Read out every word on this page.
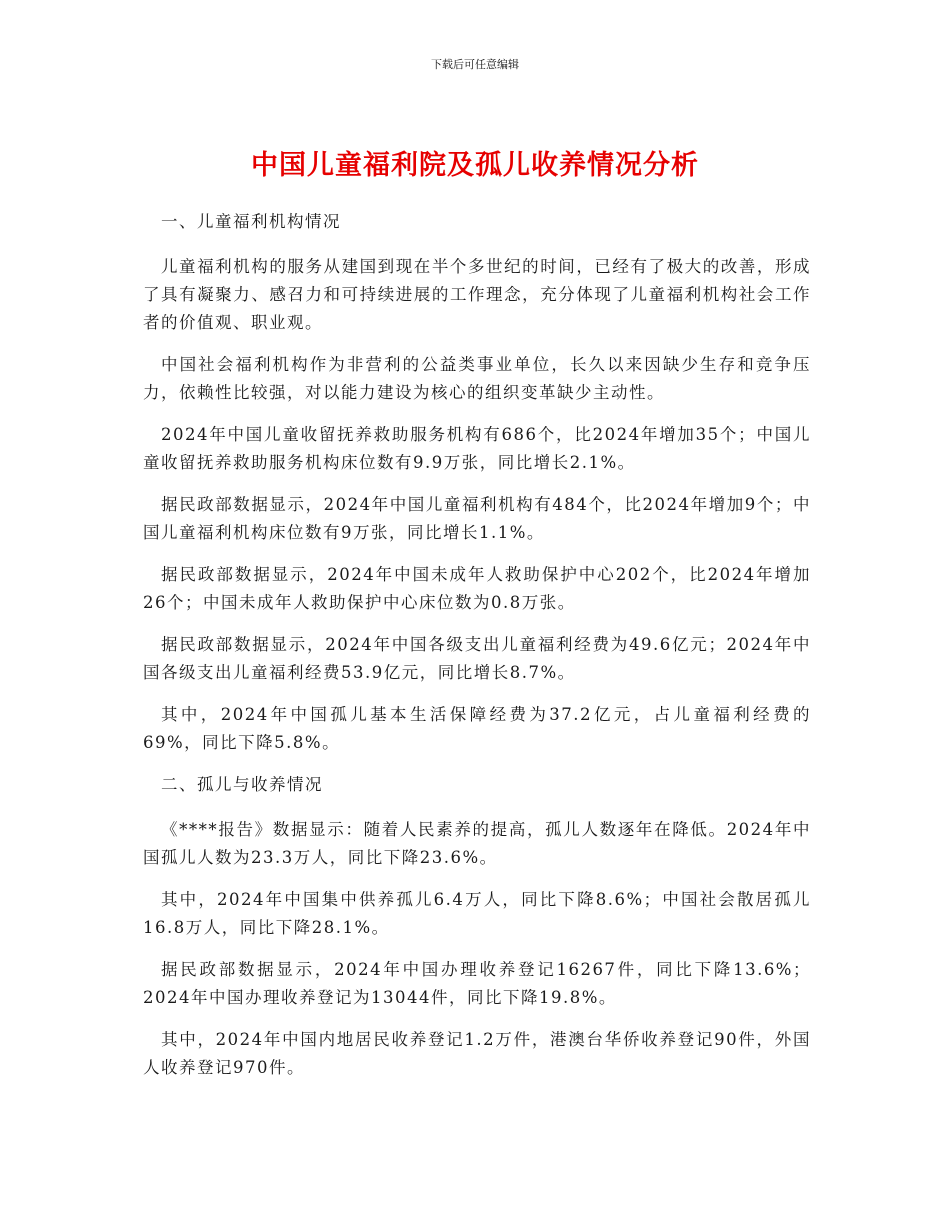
下载后可任意编辑
中国儿童福利院及孤儿收养情况分析
一、儿童福利机构情况

儿童福利机构的服务从建国到现在半个多世纪的时间，已经有了极大的改善，形成了具有凝聚力、感召力和可持续进展的工作理念，充分体现了儿童福利机构社会工作者的价值观、职业观。

中国社会福利机构作为非营利的公益类事业单位，长久以来因缺少生存和竞争压力，依赖性比较强，对以能力建设为核心的组织变革缺少主动性。

2024年中国儿童收留抚养救助服务机构有686个，比2024年增加35个；中国儿童收留抚养救助服务机构床位数有9.9万张，同比增长2.1%。

据民政部数据显示，2024年中国儿童福利机构有484个，比2024年增加9个；中国儿童福利机构床位数有9万张，同比增长1.1%。

据民政部数据显示，2024年中国未成年人救助保护中心202个，比2024年增加26个；中国未成年人救助保护中心床位数为0.8万张。

据民政部数据显示，2024年中国各级支出儿童福利经费为49.6亿元；2024年中国各级支出儿童福利经费53.9亿元，同比增长8.7%。

其中，2024年中国孤儿基本生活保障经费为37.2亿元，占儿童福利经费的69%，同比下降5.8%。

二、孤儿与收养情况

《****报告》数据显示：随着人民素养的提高，孤儿人数逐年在降低。2024年中国孤儿人数为23.3万人，同比下降23.6%。

其中，2024年中国集中供养孤儿6.4万人，同比下降8.6%；中国社会散居孤儿16.8万人，同比下降28.1%。

据民政部数据显示，2024年中国办理收养登记16267件，同比下降13.6%；2024年中国办理收养登记为13044件，同比下降19.8%。

其中，2024年中国内地居民收养登记1.2万件，港澳台华侨收养登记90件，外国人收养登记970件。
